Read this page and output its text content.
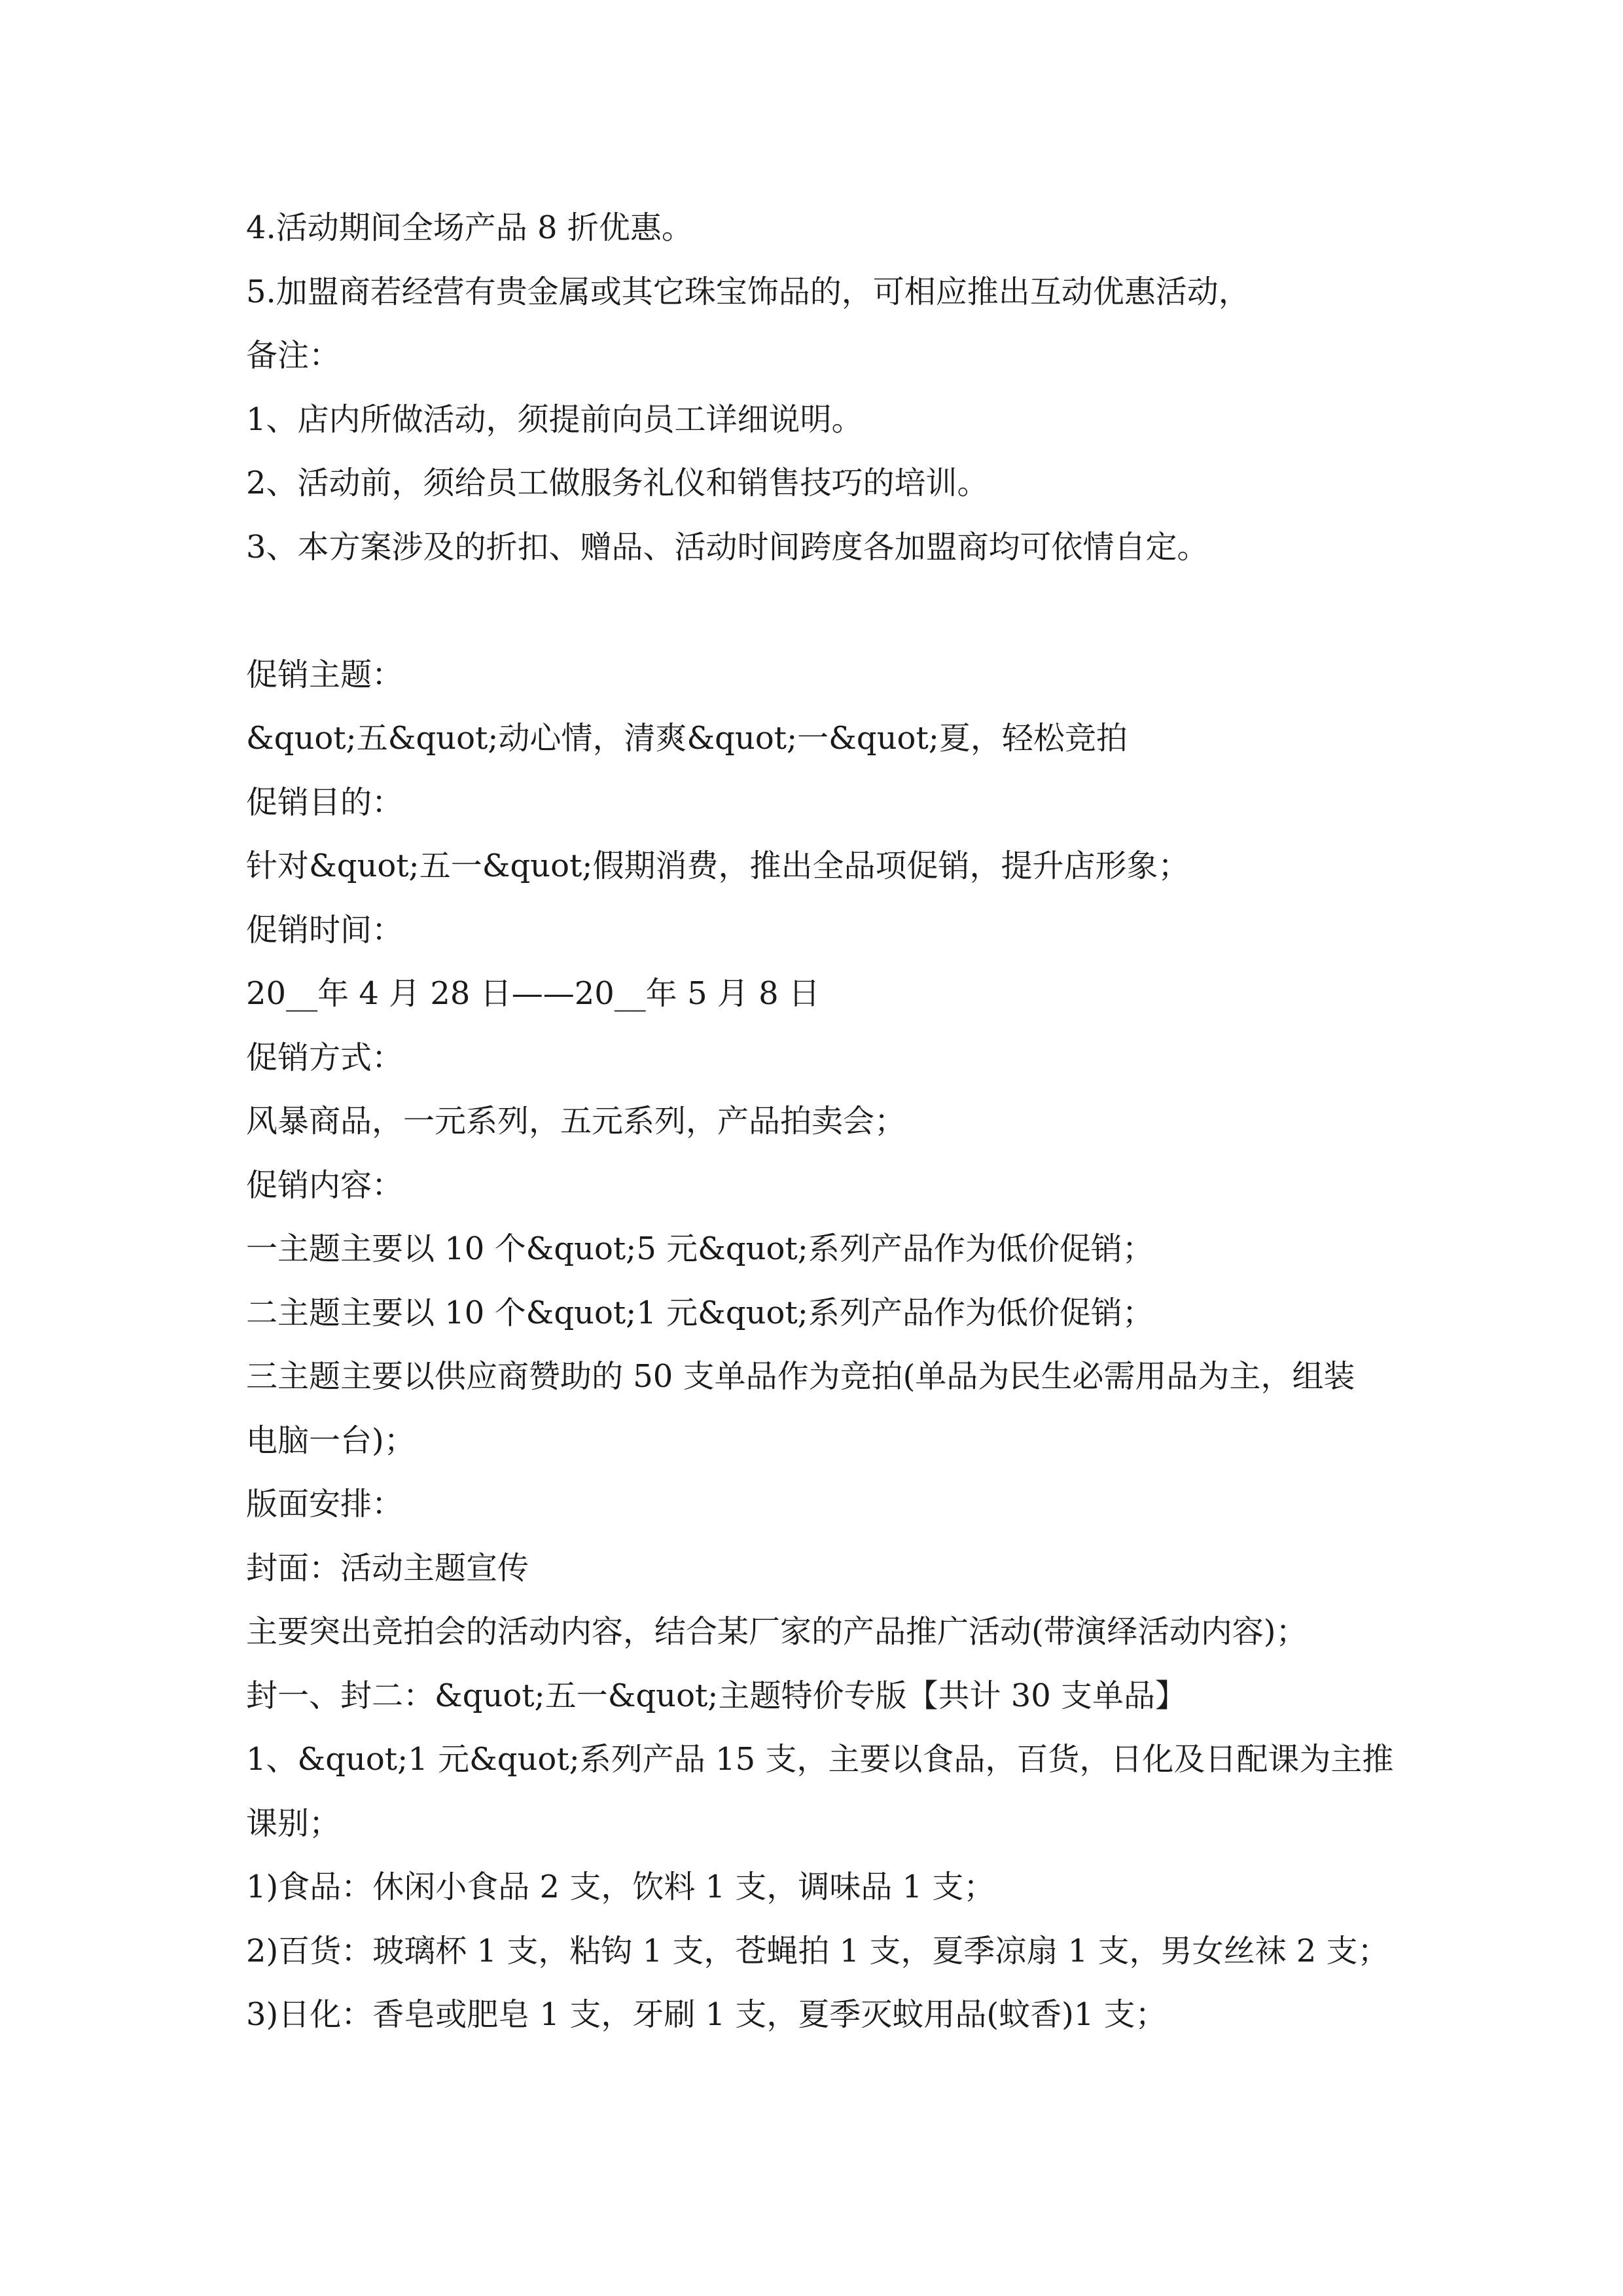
4.活动期间全场产品 8 折优惠。
5.加盟商若经营有贵金属或其它珠宝饰品的，可相应推出互动优惠活动，
备注：
1、店内所做活动，须提前向员工详细说明。
2、活动前，须给员工做服务礼仪和销售技巧的培训。
3、本方案涉及的折扣、赠品、活动时间跨度各加盟商均可依情自定。
促销主题：
&quot;五&quot;动心情，清爽&quot;一&quot;夏，轻松竞拍
促销目的：
针对&quot;五一&quot;假期消费，推出全品项促销，提升店形象；
促销时间：
20__年 4 月 28 日——20__年 5 月 8 日
促销方式：
风暴商品，一元系列，五元系列，产品拍卖会；
促销内容：
一主题主要以 10 个&quot;5 元&quot;系列产品作为低价促销；
二主题主要以 10 个&quot;1 元&quot;系列产品作为低价促销；
三主题主要以供应商赞助的 50 支单品作为竞拍(单品为民生必需用品为主，组装
电脑一台)；
版面安排：
封面：活动主题宣传
主要突出竞拍会的活动内容，结合某厂家的产品推广活动(带演绎活动内容)；
封一、封二：&quot;五一&quot;主题特价专版【共计 30 支单品】
1、&quot;1 元&quot;系列产品 15 支，主要以食品，百货，日化及日配课为主推
课别；
1)食品：休闲小食品 2 支，饮料 1 支，调味品 1 支；
2)百货：玻璃杯 1 支，粘钩 1 支，苍蝇拍 1 支，夏季凉扇 1 支，男女丝袜 2 支；
3)日化：香皂或肥皂 1 支，牙刷 1 支，夏季灭蚊用品(蚊香)1 支；
